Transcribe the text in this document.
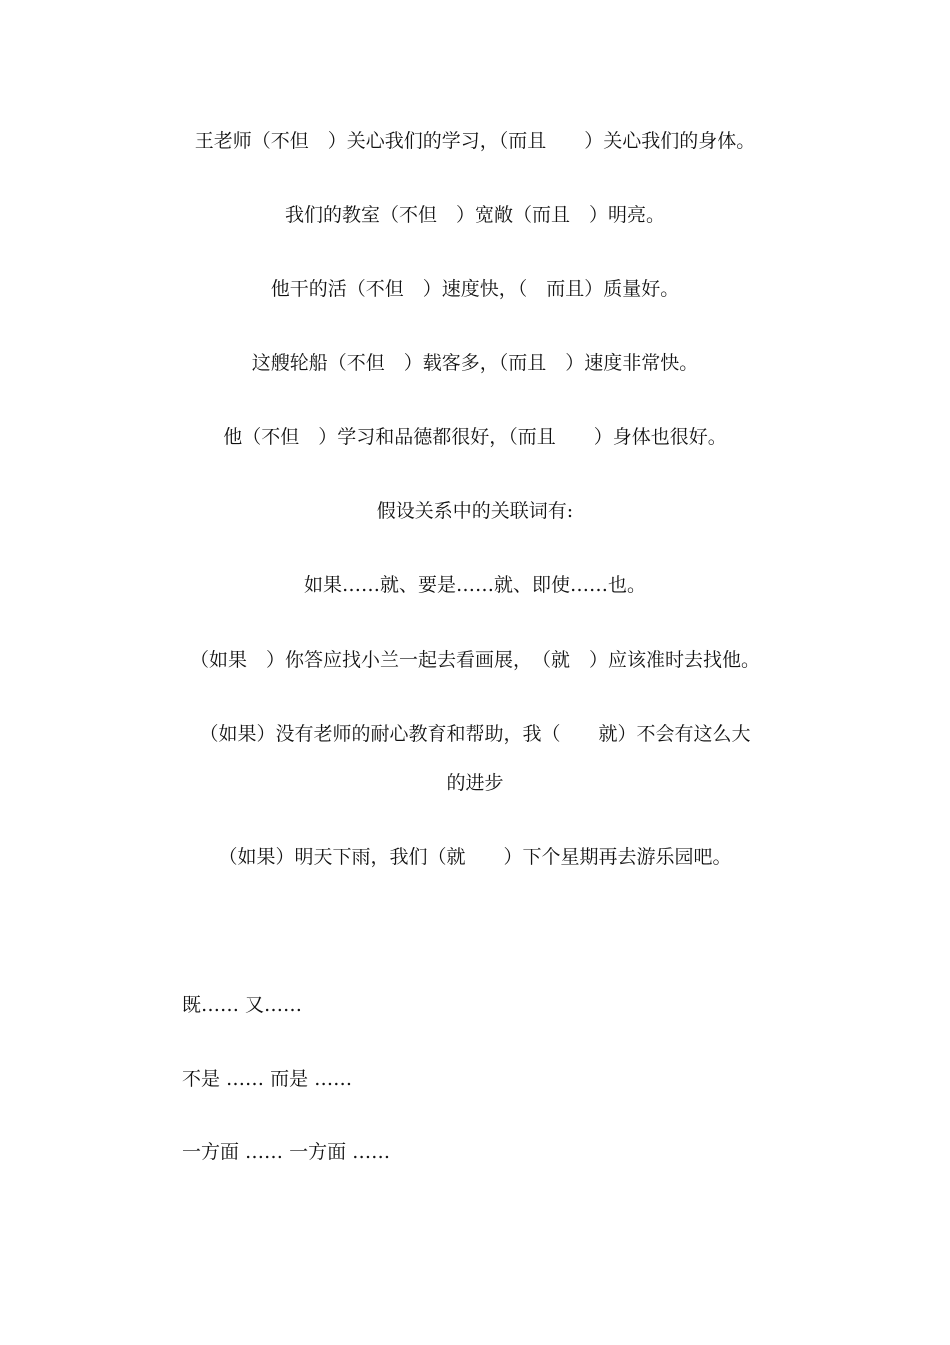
王老师（不但　）关心我们的学习，（而且　　）关心我们的身体。
我们的教室（不但　）宽敞（而且　）明亮。
他干的活（不但　）速度快，（　而且）质量好。
这艘轮船（不但　）载客多，（而且　）速度非常快。
他（不但　）学习和品德都很好，（而且　　）身体也很好。
假设关系中的关联词有:
如果……就、要是……就、即使……也。
（如果　）你答应找小兰一起去看画展，　（就　）应该准时去找他。
（如果）没有老师的耐心教育和帮助，我（　　就）不会有这么大
的进步
（如果）明天下雨，我们（就　　）下个星期再去游乐园吧。
既…… 又……
不是 …… 而是 ……
一方面 …… 一方面 ……
